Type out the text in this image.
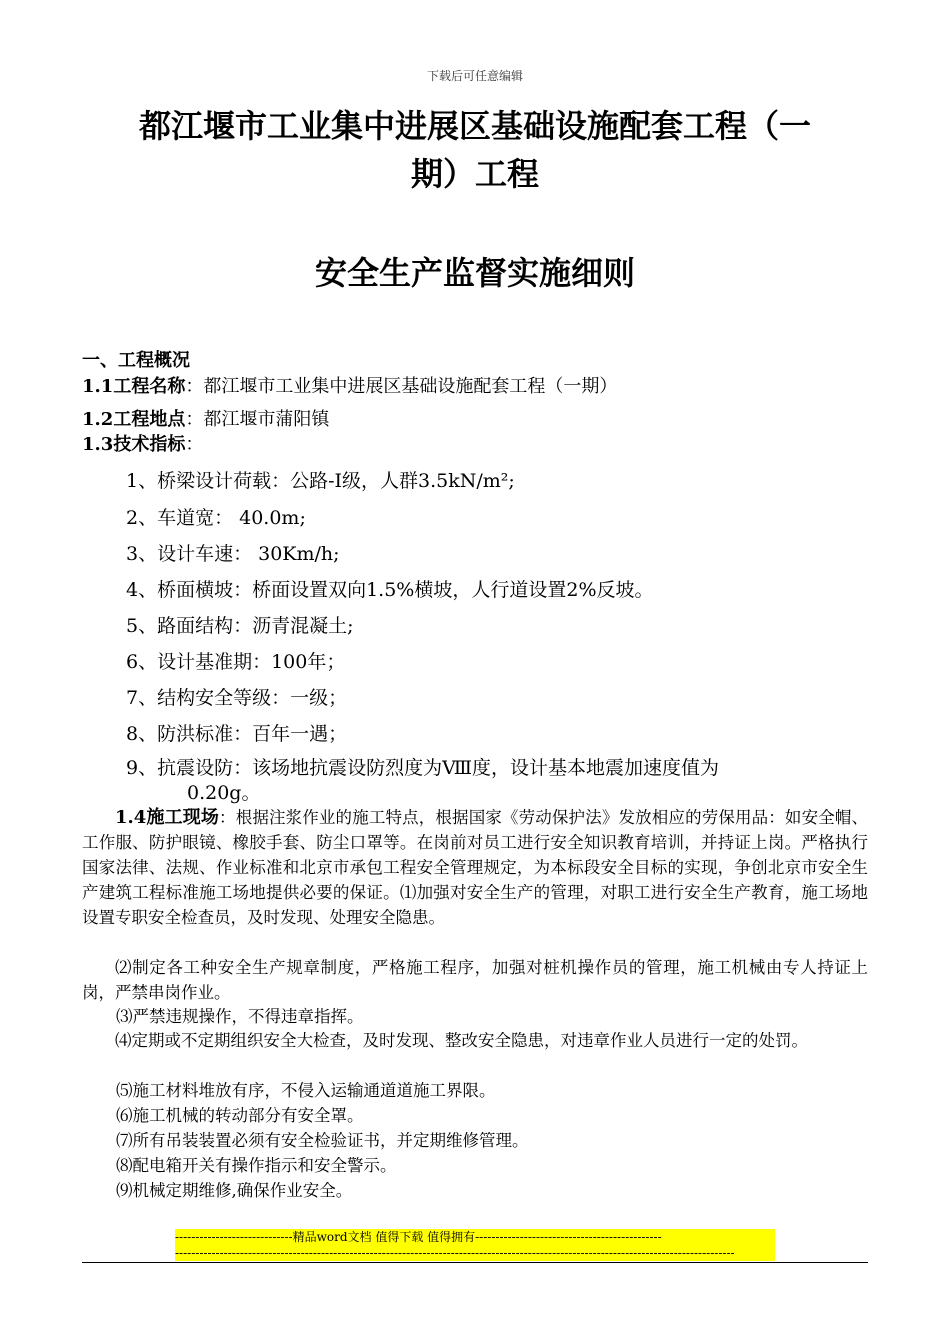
下载后可任意编辑
都江堰市工业集中进展区基础设施配套工程（一
期）工程
安全生产监督实施细则
一、工程概况
1.1工程名称：都江堰市工业集中进展区基础设施配套工程（一期）
1.2工程地点：都江堰市蒲阳镇
1.3技术指标：
1、桥梁设计荷载：公路-Ⅰ级，人群3.5kN/m²;
2、车道宽： 40.0m;
3、设计车速： 30Km/h;
4、桥面横坡：桥面设置双向1.5%横坡，人行道设置2%反坡。
5、路面结构：沥青混凝土;
6、设计基准期：100年；
7、结构安全等级：一级；
8、防洪标准：百年一遇；
9、抗震设防：该场地抗震设防烈度为Ⅷ度，设计基本地震加速度值为
0.20g。
1.4施工现场：根据注浆作业的施工特点，根据国家《劳动保护法》发放相应的劳保用品：如安全帽、工作服、防护眼镜、橡胶手套、防尘口罩等。在岗前对员工进行安全知识教育培训，并持证上岗。严格执行国家法律、法规、作业标准和北京市承包工程安全管理规定，为本标段安全目标的实现，争创北京市安全生产建筑工程标准施工场地提供必要的保证。⑴加强对安全生产的管理，对职工进行安全生产教育，施工场地设置专职安全检查员，及时发现、处理安全隐患。
⑵制定各工种安全生产规章制度，严格施工程序，加强对桩机操作员的管理，施工机械由专人持证上岗，严禁串岗作业。
⑶严禁违规操作，不得违章指挥。
⑷定期或不定期组织安全大检查，及时发现、整改安全隐患，对违章作业人员进行一定的处罚。
⑸施工材料堆放有序，不侵入运输通道道施工界限。
⑹施工机械的转动部分有安全罩。
⑺所有吊装装置必须有安全检验证书，并定期维修管理。
⑻配电箱开关有操作指示和安全警示。
⑼机械定期维修,确保作业安全。
-----------------------------精品word文档 值得下载 值得拥有----------------------------------------------
------------------------------------------------------------------------------------------------------------------------------------------
